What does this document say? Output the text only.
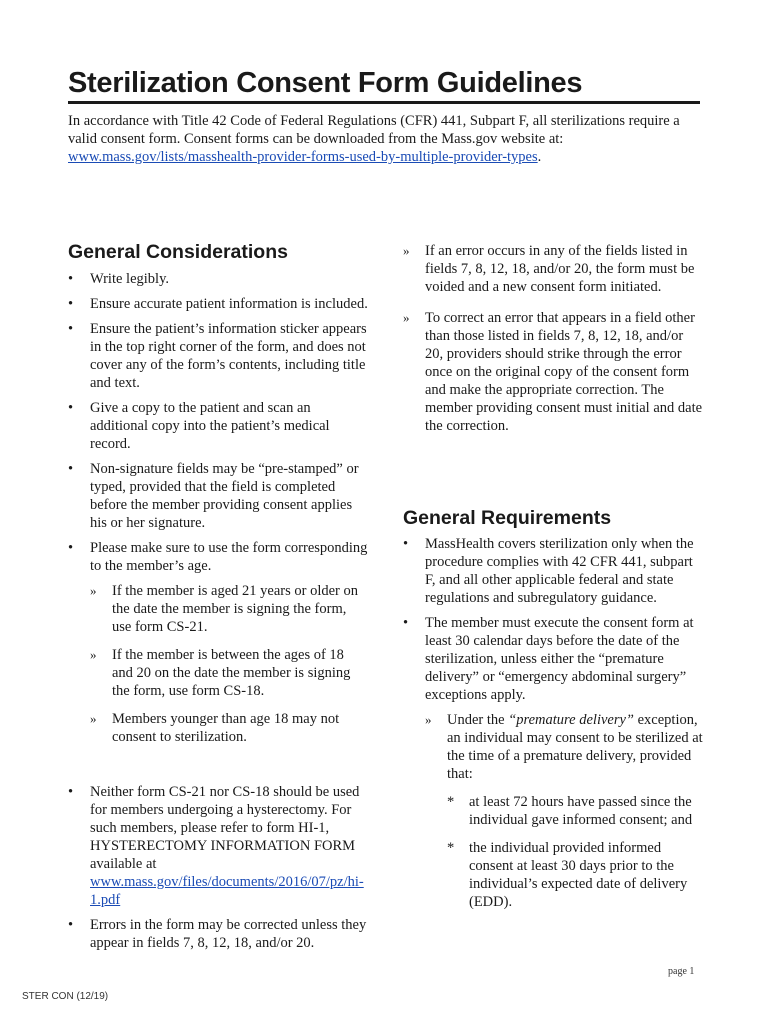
Sterilization Consent Form Guidelines

In accordance with Title 42 Code of Federal Regulations (CFR) 441, Subpart F, all sterilizations require a valid consent form. Consent forms can be downloaded from the Mass.gov website at: www.mass.gov/lists/masshealth-provider-forms-used-by-multiple-provider-types.

General Considerations
•	Write legibly.
•	Ensure accurate patient information is included.
•	Ensure the patient’s information sticker appears in the top right corner of the form, and does not cover any of the form’s contents, including title and text.
•	Give a copy to the patient and scan an additional copy into the patient’s medical record.
•	Non-signature fields may be “pre-stamped” or typed, provided that the field is completed before the member providing consent applies his or her signature.
•	Please make sure to use the form corresponding to the member’s age.
» If the member is aged 21 years or older on the date the member is signing the form, use form CS-21.
» If the member is between the ages of 18 and 20 on the date the member is signing the form, use form CS-18.
» Members younger than age 18 may not consent to sterilization.
•	Neither form CS-21 nor CS-18 should be used for members undergoing a hysterectomy. For such members, please refer to form HI-1, HYSTERECTOMY INFORMATION FORM available at www.mass.gov/files/documents/2016/07/pz/hi-1.pdf
•	Errors in the form may be corrected unless they appear in fields 7, 8, 12, 18, and/or 20.
» If an error occurs in any of the fields listed in fields 7, 8, 12, 18, and/or 20, the form must be voided and a new consent form initiated.
» To correct an error that appears in a field other than those listed in fields 7, 8, 12, 18, and/or 20, providers should strike through the error once on the original copy of the consent form and make the appropriate correction. The member providing consent must initial and date the correction.
General Requirements
•	MassHealth covers sterilization only when the procedure complies with 42 CFR 441, subpart F, and all other applicable federal and state regulations and subregulatory guidance.
•	The member must execute the consent form at least 30 calendar days before the date of the sterilization, unless either the “premature delivery” or “emergency abdominal surgery” exceptions apply.
» Under the “premature delivery” exception, an individual may consent to be sterilized at the time of a premature delivery, provided that:
* at least 72 hours have passed since the individual gave informed consent; and
* the individual provided informed consent at least 30 days prior to the individual’s expected date of delivery (EDD).
page 1
STER CON (12/19)
